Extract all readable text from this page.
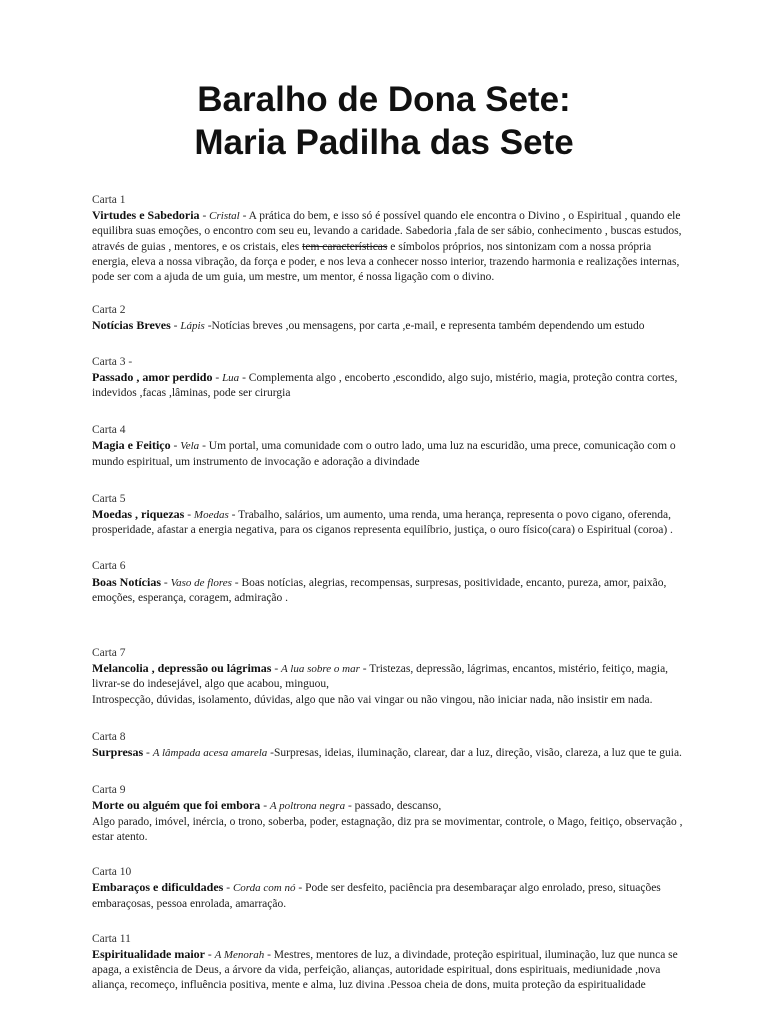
Baralho de Dona Sete:
Maria Padilha das Sete
Carta 1
Virtudes e Sabedoria - Cristal - A prática do bem, e isso só é possível quando ele encontra o Divino , o Espiritual , quando ele equilibra suas emoções, o encontro com seu eu, levando a caridade. Sabedoria ,fala de ser sábio, conhecimento , buscas estudos, através de guias , mentores, e os cristais, eles tem características e símbolos próprios, nos sintonizam com a nossa própria energia, eleva a nossa vibração, da força e poder, e nos leva a conhecer nosso interior, trazendo harmonia e realizações internas, pode ser com a ajuda de um guia, um mestre, um mentor, é nossa ligação com o divino.
Carta 2
Notícias Breves - Lápis -Notícias breves ,ou mensagens, por carta ,e-mail, e representa também dependendo um estudo
Carta 3 -
Passado , amor perdido - Lua - Complementa algo , encoberto ,escondido, algo sujo, mistério, magia, proteção contra cortes, indevidos ,facas ,lâminas, pode ser cirurgia
Carta 4
Magia e Feitiço - Vela - Um portal, uma comunidade com o outro lado, uma luz na escuridão, uma prece, comunicação com o mundo espiritual, um instrumento de invocação e adoração a divindade
Carta 5
Moedas , riquezas - Moedas - Trabalho, salários, um aumento, uma renda, uma herança, representa o povo cigano, oferenda, prosperidade, afastar a energia negativa, para os ciganos representa equilíbrio, justiça, o ouro físico(cara) o Espiritual (coroa) .
Carta 6
Boas Notícias - Vaso de flores - Boas notícias, alegrias, recompensas, surpresas, positividade, encanto, pureza, amor, paixão, emoções, esperança, coragem, admiração .
Carta 7
Melancolia , depressão ou lágrimas - A lua sobre o mar - Tristezas, depressão, lágrimas, encantos, mistério, feitiço, magia, livrar-se do indesejável, algo que acabou, minguou,
Introspecção, dúvidas, isolamento, dúvidas, algo que não vai vingar ou não vingou, não iniciar nada, não insistir em nada.
Carta 8
Surpresas - A lâmpada acesa amarela -Surpresas, ideias, iluminação, clarear, dar a luz, direção, visão, clareza, a luz que te guia.
Carta 9
Morte ou alguém que foi embora - A poltrona negra - passado, descanso,
Algo parado, imóvel, inércia, o trono, soberba, poder, estagnação, diz pra se movimentar, controle, o Mago, feitiço, observação , estar atento.
Carta 10
Embaraços e dificuldades - Corda com nó - Pode ser desfeito, paciência pra desembaraçar algo enrolado, preso, situações embaraçosas, pessoa enrolada, amarração.
Carta 11
Espiritualidade maior - A Menorah - Mestres, mentores de luz, a divindade, proteção espiritual, iluminação, luz que nunca se apaga, a existência de Deus, a árvore da vida, perfeição, alianças, autoridade espiritual, dons espirituais, mediunidade ,nova aliança, recomeço, influência positiva, mente e alma, luz divina .Pessoa cheia de dons, muita proteção da espiritualidade
